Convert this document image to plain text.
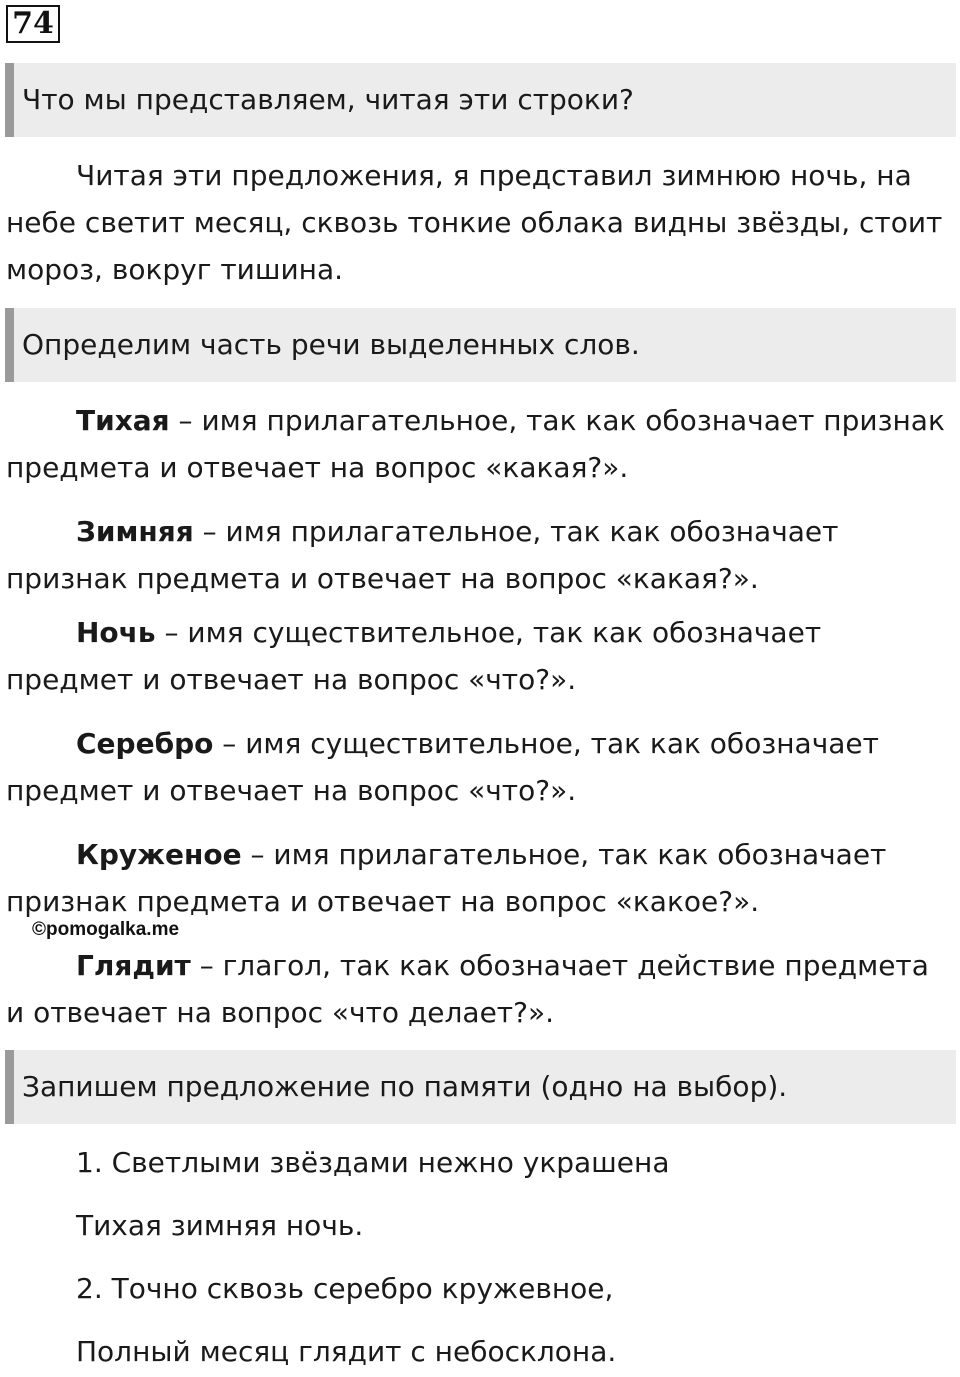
74
Что мы представляем, читая эти строки?

Читая эти предложения, я представил зимнюю ночь, на небе светит месяц, сквозь тонкие облака видны звёзды, стоит мороз, вокруг тишина.

Определим часть речи выделенных слов.

Тихая – имя прилагательное, так как обозначает признак предмета и отвечает на вопрос «какая?».

Зимняя – имя прилагательное, так как обозначает признак предмета и отвечает на вопрос «какая?».

Ночь – имя существительное, так как обозначает предмет и отвечает на вопрос «что?».

Серебро – имя существительное, так как обозначает предмет и отвечает на вопрос «что?».

Круженое – имя прилагательное, так как обозначает признак предмета и отвечает на вопрос «какое?».

©pomogalka.me

Глядит – глагол, так как обозначает действие предмета и отвечает на вопрос «что делает?».

Запишем предложение по памяти (одно на выбор).

1. Светлыми звёздами нежно украшена

Тихая зимняя ночь.

2. Точно сквозь серебро кружевное,

Полный месяц глядит с небосклона.
